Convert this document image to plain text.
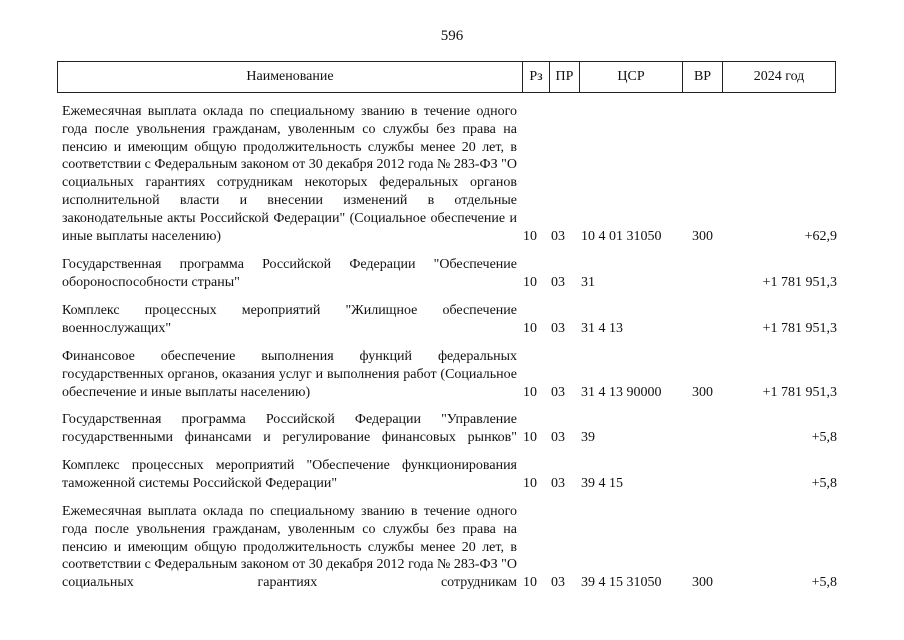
596
Наименование	Рз ПР	ЦСР	ВР	2024 год
Ежемесячная выплата оклада по специальному званию в течение одного года после увольнения гражданам, уволенным со службы без права на пенсию и имеющим общую продолжительность службы менее 20 лет, в соответствии с Федеральным законом от 30 декабря 2012 года № 283-ФЗ "О социальных гарантиях сотрудникам некоторых федеральных органов исполнительной власти и внесении изменений в отдельные законодательные акты Российской Федерации" (Социальное обеспечение и иные выплаты населению)	10 03 10 4 01 31050 300	+62,9
Государственная программа Российской Федерации "Обеспечение обороноспособности страны"	10 03 31	+1 781 951,3
Комплекс процессных мероприятий "Жилищное обеспечение военнослужащих"	10 03 31 4 13	+1 781 951,3
Финансовое обеспечение выполнения функций федеральных государственных органов, оказания услуг и выполнения работ (Социальное обеспечение и иные выплаты населению)	10 03 31 4 13 90000 300	+1 781 951,3
Государственная программа Российской Федерации "Управление государственными финансами и регулирование финансовых рынков" 10 03 39	+5,8
Комплекс процессных мероприятий "Обеспечение функционирования таможенной системы Российской Федерации"	10 03 39 4 15	+5,8
Ежемесячная выплата оклада по специальному званию в течение одного года после увольнения гражданам, уволенным со службы без права на пенсию и имеющим общую продолжительность службы менее 20 лет, в соответствии с Федеральным законом от 30 декабря 2012 года № 283-ФЗ "О социальных гарантиях сотрудникам 10 03 39 4 15 31050 300	+5,8
